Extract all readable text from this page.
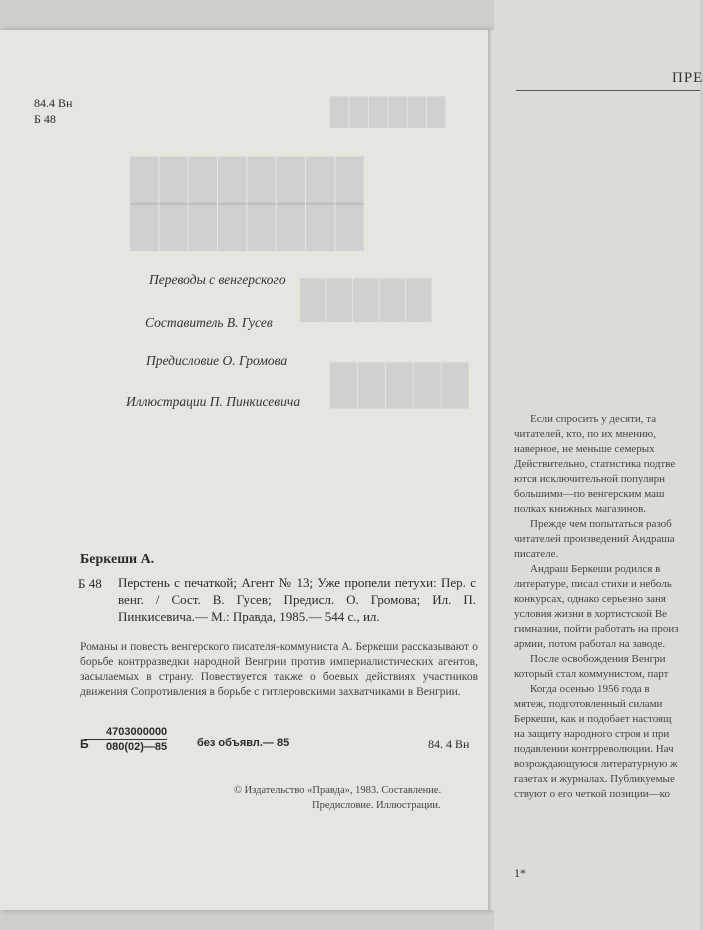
██████
████████
████████
█████
█████
84.4 Вн
Б 48
Переводы с венгерского
Составитель В. Гусев
Предисловие О. Громова
Иллюстрации П. Пинкисевича
Беркеши А.
Б 48 Перстень с печаткой; Агент № 13; Уже пропели петухи: Пер. с венг. / Сост. В. Гусев; Предисл. О. Громова; Ил. П. Пинкисевича.— М.: Правда, 1985.— 544 с., ил.
Романы и повесть венгерского писателя-коммуниста А. Беркеши рассказывают о борьбе контрразведки народной Венгрии против империалистических агентов, засылаемых в страну. Повествуется также о боевых действиях участников движения Сопротивления в борьбе с гитлеровскими захватчиками в Венгрии.
Б
$\frac{4703000000}{080(02)—85}$	без объявл.— 85	84. 4 Вн
© Издательство «Правда», 1983. Составление.
Предисловие. Иллюстрации.
ПРЕ
Если спросить у десяти, та
читателей, кто, по их мнению,
наверное, не меньше семерых
Действительно, статистика подтве
ются исключительной популярн
большими—по венгерским маш
полках книжных магазинов.
Прежде чем попытаться разоб
читателей произведений Андраша
писателе.
Андраш Беркеши родился в
литературе, писал стихи и неболь
конкурсах, однако серьезно заня
условия жизни в хортистской Ве
гимназии, пойти работать на произ
армии, потом работал на заводе.
После освобождения Венгри
который стал коммунистом, парт
Когда осенью 1956 года в
мятеж, подготовленный силами
Беркеши, как и подобает настоящ
на защиту народного строя и при
подавлении контрреволюции. Нач
возрождающуюся литературную ж
газетах и журналах. Публикуемые
ствуют о его четкой позиции—ко
1*
